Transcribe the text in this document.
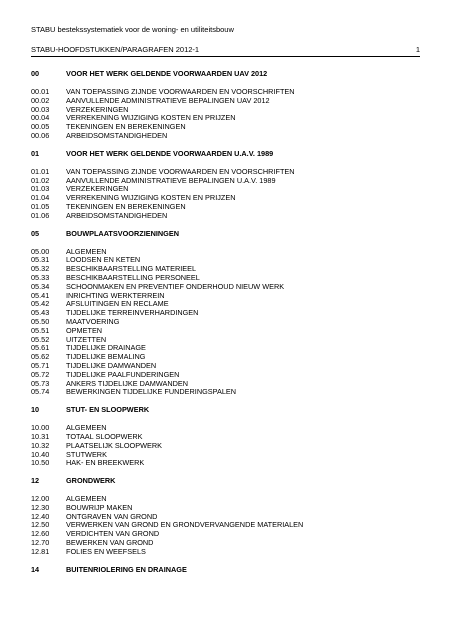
STABU bestekssystematiek voor de woning- en utiliteitsbouw
STABU-HOOFDSTUKKEN/PARAGRAFEN 2012-1	1
00	VOOR HET WERK GELDENDE VOORWAARDEN UAV 2012
00.01	VAN TOEPASSING ZIJNDE VOORWAARDEN EN VOORSCHRIFTEN
00.02	AANVULLENDE ADMINISTRATIEVE BEPALINGEN UAV 2012
00.03	VERZEKERINGEN
00.04	VERREKENING WIJZIGING KOSTEN EN PRIJZEN
00.05	TEKENINGEN EN BEREKENINGEN
00.06	ARBEIDSOMSTANDIGHEDEN
01	VOOR HET WERK GELDENDE VOORWAARDEN U.A.V. 1989
01.01	VAN TOEPASSING ZIJNDE VOORWAARDEN EN VOORSCHRIFTEN
01.02	AANVULLENDE ADMINISTRATIEVE BEPALINGEN U.A.V. 1989
01.03	VERZEKERINGEN
01.04	VERREKENING WIJZIGING KOSTEN EN PRIJZEN
01.05	TEKENINGEN EN BEREKENINGEN
01.06	ARBEIDSOMSTANDIGHEDEN
05	BOUWPLAATSVOORZIENINGEN
05.00	ALGEMEEN
05.31	LOODSEN EN KETEN
05.32	BESCHIKBAARSTELLING MATERIEEL
05.33	BESCHIKBAARSTELLING PERSONEEL
05.34	SCHOONMAKEN EN PREVENTIEF ONDERHOUD NIEUW WERK
05.41	INRICHTING WERKTERREIN
05.42	AFSLUITINGEN EN RECLAME
05.43	TIJDELIJKE TERREINVERHARDINGEN
05.50	MAATVOERING
05.51	OPMETEN
05.52	UITZETTEN
05.61	TIJDELIJKE DRAINAGE
05.62	TIJDELIJKE BEMALING
05.71	TIJDELIJKE DAMWANDEN
05.72	TIJDELIJKE PAALFUNDERINGEN
05.73	ANKERS TIJDELIJKE DAMWANDEN
05.74	BEWERKINGEN TIJDELIJKE FUNDERINGSPALEN
10	STUT- EN SLOOPWERK
10.00	ALGEMEEN
10.31	TOTAAL SLOOPWERK
10.32	PLAATSELIJK SLOOPWERK
10.40	STUTWERK
10.50	HAK- EN BREEKWERK
12	GRONDWERK
12.00	ALGEMEEN
12.30	BOUWRIJP MAKEN
12.40	ONTGRAVEN VAN GROND
12.50	VERWERKEN VAN GROND EN GRONDVERVANGENDE MATERIALEN
12.60	VERDICHTEN VAN GROND
12.70	BEWERKEN VAN GROND
12.81	FOLIES EN WEEFSELS
14	BUITENRIOLERING EN DRAINAGE
